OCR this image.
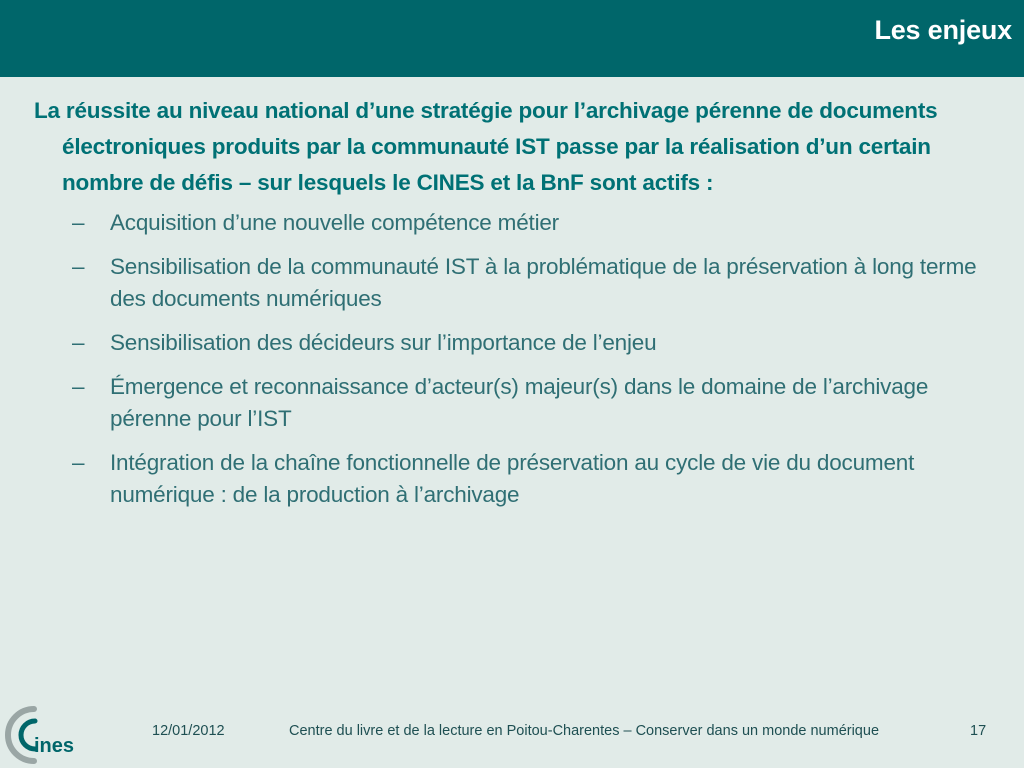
Les enjeux

La réussite au niveau national d’une stratégie pour l’archivage pérenne de documents électroniques produits par la communauté IST passe par la réalisation d’un certain nombre de défis – sur lesquels le CINES et la BnF sont actifs :

– Acquisition d’une nouvelle compétence métier
– Sensibilisation de la communauté IST à la problématique de la préservation à long terme des documents numériques
– Sensibilisation des décideurs sur l’importance de l’enjeu
– Émergence et reconnaissance d’acteur(s) majeur(s) dans le domaine de l’archivage pérenne pour l’IST
– Intégration de la chaîne fonctionnelle de préservation au cycle de vie du document numérique : de la production à l’archivage
ines
12/01/2012	Centre du livre et de la lecture en Poitou-Charentes – Conserver dans un monde numérique	17
